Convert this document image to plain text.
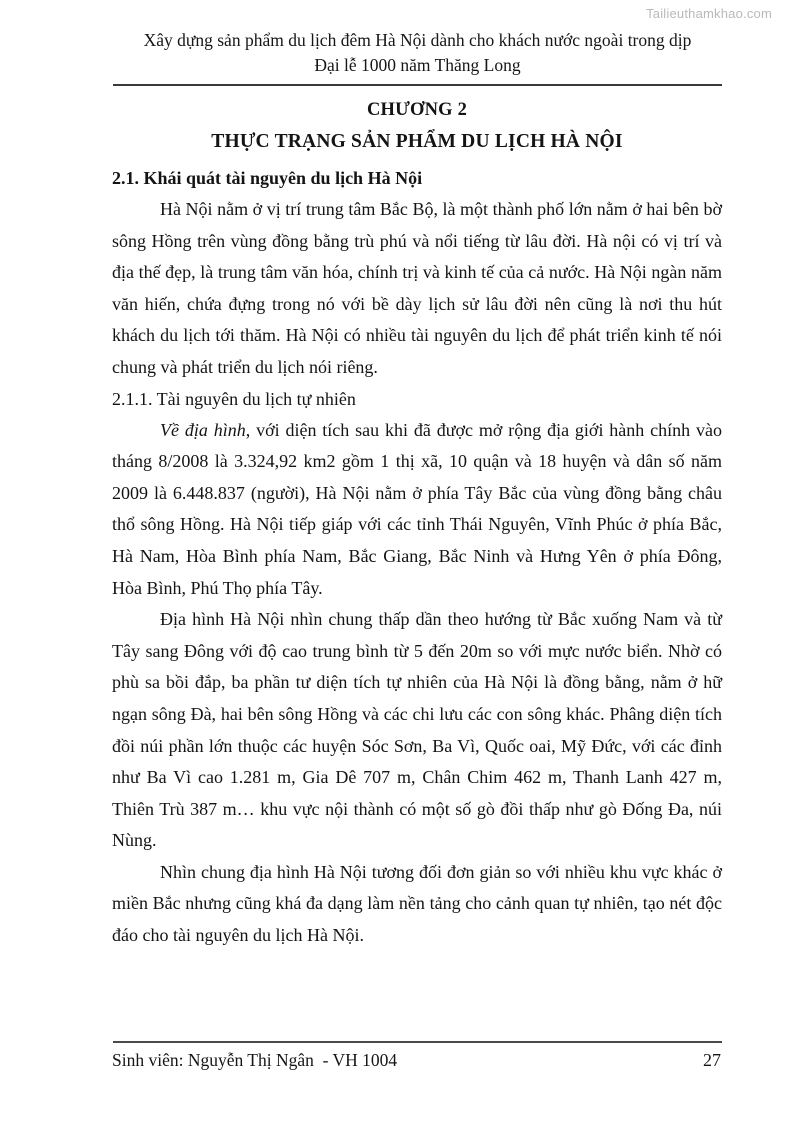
Tailieuthamkhao.com
Xây dựng sản phẩm du lịch đêm Hà Nội dành cho khách nước ngoài trong dịp
Đại lễ 1000 năm Thăng Long
CHƯƠNG 2
THỰC TRẠNG SẢN PHẨM DU LỊCH HÀ NỘI
2.1. Khái quát tài nguyên du lịch Hà Nội

Hà Nội nằm ở vị trí trung tâm Bắc Bộ, là một thành phố lớn nằm ở hai bên bờ sông Hồng trên vùng đồng bằng trù phú và nổi tiếng từ lâu đời. Hà nội có vị trí và địa thế đẹp, là trung tâm văn hóa, chính trị và kinh tế của cả nước. Hà Nội ngàn năm văn hiến, chứa đựng trong nó với bề dày lịch sử lâu đời nên cũng là nơi thu hút khách du lịch tới thăm. Hà Nội có nhiều tài nguyên du lịch để phát triển kinh tế nói chung và phát triển du lịch nói riêng.

2.1.1. Tài nguyên du lịch tự nhiên

Về địa hình, với diện tích sau khi đã được mở rộng địa giới hành chính vào tháng 8/2008 là 3.324,92 km2 gồm 1 thị xã, 10 quận và 18 huyện và dân số năm 2009 là 6.448.837 (người), Hà Nội nằm ở phía Tây Bắc của vùng đồng bằng châu thổ sông Hồng. Hà Nội tiếp giáp với các tỉnh Thái Nguyên, Vĩnh Phúc ở phía Bắc, Hà Nam, Hòa Bình phía Nam, Bắc Giang, Bắc Ninh và Hưng Yên ở phía Đông, Hòa Bình, Phú Thọ phía Tây.

Địa hình Hà Nội nhìn chung thấp dần theo hướng từ Bắc xuống Nam và từ Tây sang Đông với độ cao trung bình từ 5 đến 20m so với mực nước biển. Nhờ có phù sa bồi đắp, ba phần tư diện tích tự nhiên của Hà Nội là đồng bằng, nằm ở hữ ngạn sông Đà, hai bên sông Hồng và các chi lưu các con sông khác. Phâng diện tích đồi núi phần lớn thuộc các huyện Sóc Sơn, Ba Vì, Quốc oai, Mỹ Đức, với các đỉnh như Ba Vì cao 1.281 m, Gia Dê 707 m, Chân Chim 462 m, Thanh Lanh 427 m, Thiên Trù 387 m… khu vực nội thành có một số gò đồi thấp như gò Đống Đa, núi Nùng.

Nhìn chung địa hình Hà Nội tương đối đơn giản so với nhiều khu vực khác ở miền Bắc nhưng cũng khá đa dạng làm nền tảng cho cảnh quan tự nhiên, tạo nét độc đáo cho tài nguyên du lịch Hà Nội.

Sinh viên: Nguyễn Thị Ngân  - VH 1004	27
